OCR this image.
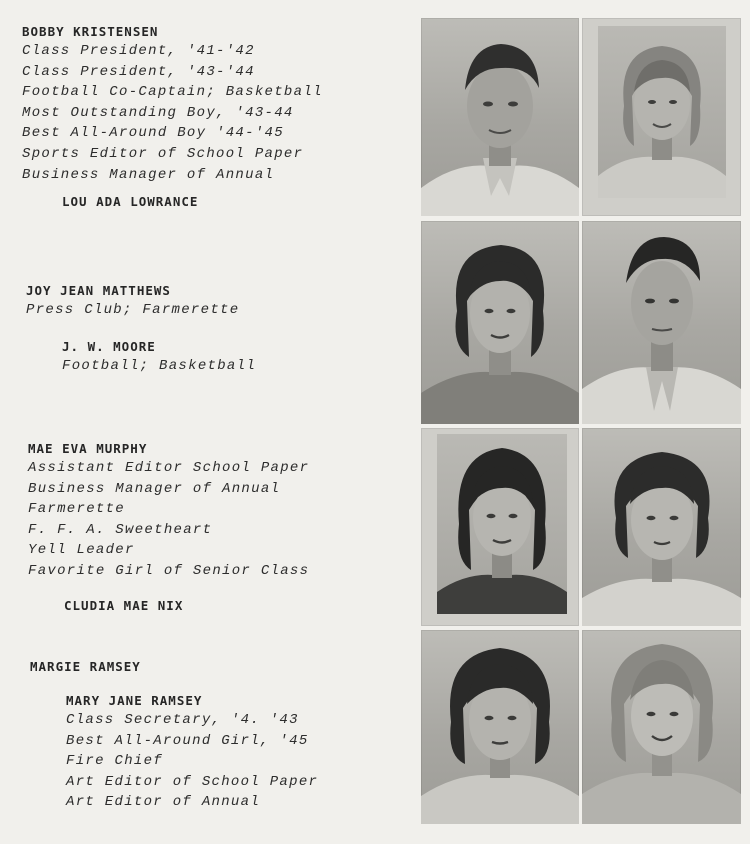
BOBBY KRISTENSEN
Class President, '41-'42
Class President, '43-'44
Football Co-Captain; Basketball
Most Outstanding Boy, '43-44
Best All-Around Boy '44-'45
Sports Editor of School Paper
Business Manager of Annual
LOU ADA LOWRANCE
JOY JEAN MATTHEWS
Press Club; Farmerette
J. W. MOORE
Football; Basketball
MAE EVA MURPHY
Assistant Editor School Paper
Business Manager of Annual
Farmerette
F. F. A. Sweetheart
Yell Leader
Favorite Girl of Senior Class
CLUDIA MAE NIX
MARGIE RAMSEY
MARY JANE RAMSEY
Class Secretary, '4. '43
Best All-Around Girl, '45
Fire Chief
Art Editor of School Paper
Art Editor of Annual
